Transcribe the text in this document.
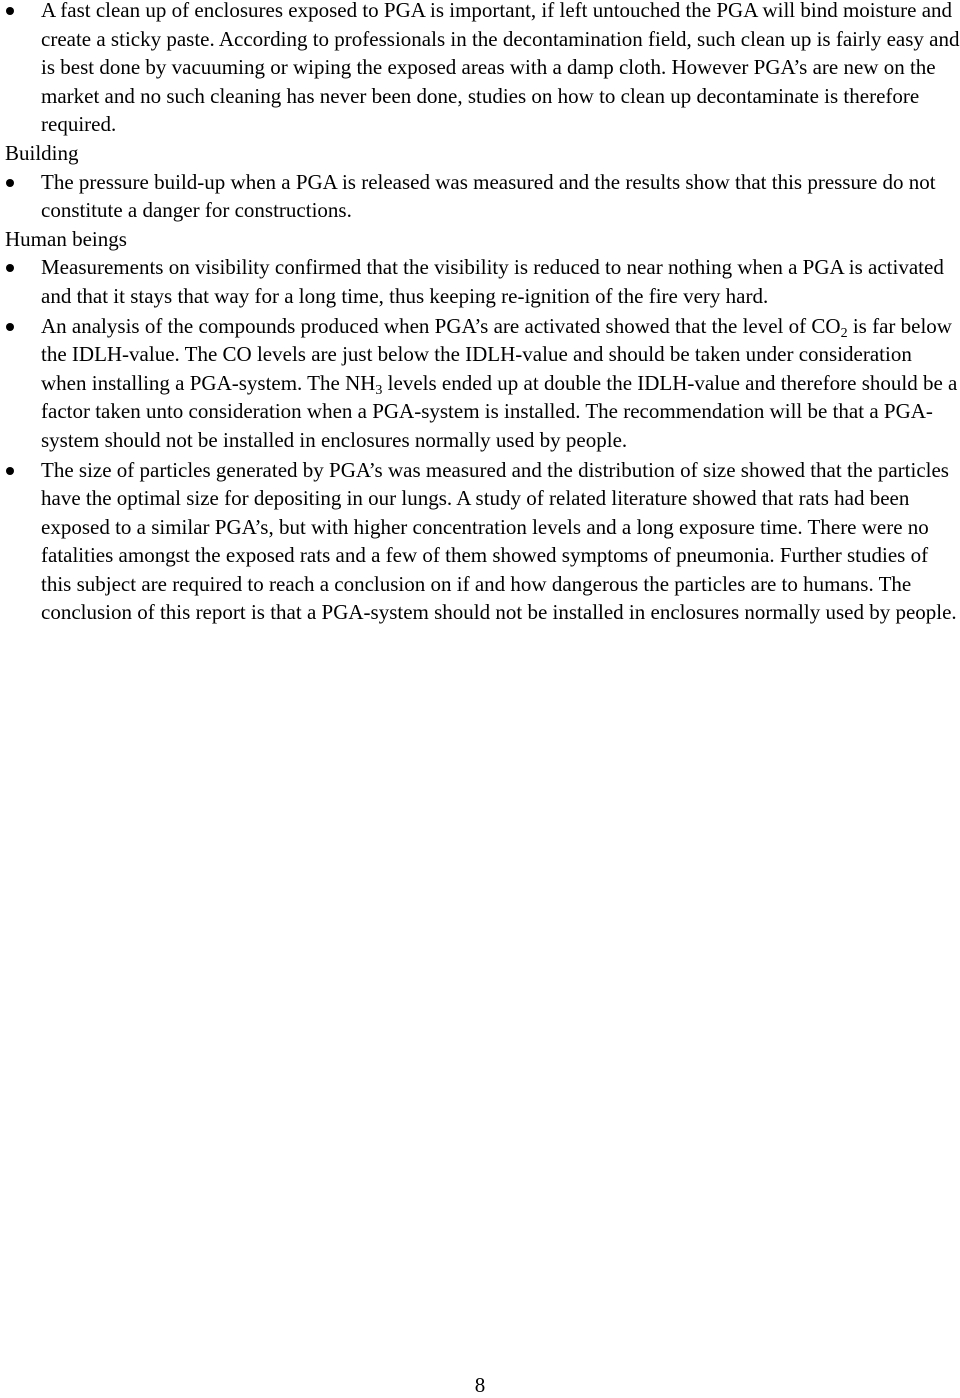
A fast clean up of enclosures exposed to PGA is important, if left untouched the PGA will bind moisture and create a sticky paste. According to professionals in the decontamination field, such clean up is fairly easy and is best done by vacuuming or wiping the exposed areas with a damp cloth. However PGA’s are new on the market and no such cleaning has never been done, studies on how to clean up decontaminate is therefore required.
Building
The pressure build-up when a PGA is released was measured and the results show that this pressure do not constitute a danger for constructions.
Human beings
Measurements on visibility confirmed that the visibility is reduced to near nothing when a PGA is activated and that it stays that way for a long time, thus keeping re-ignition of the fire very hard.
An analysis of the compounds produced when PGA’s are activated showed that the level of $CO_2$ is far below the IDLH-value. The CO levels are just below the IDLH-value and should be taken under consideration when installing a PGA-system. The $NH_3$ levels ended up at double the IDLH-value and therefore should be a factor taken unto consideration when a PGA-system is installed. The recommendation will be that a PGA-system should not be installed in enclosures normally used by people.
The size of particles generated by PGA’s was measured and the distribution of size showed that the particles have the optimal size for depositing in our lungs. A study of related literature showed that rats had been exposed to a similar PGA’s, but with higher concentration levels and a long exposure time. There were no fatalities amongst the exposed rats and a few of them showed symptoms of pneumonia. Further studies of this subject are required to reach a conclusion on if and how dangerous the particles are to humans. The conclusion of this report is that a PGA-system should not be installed in enclosures normally used by people.
8
